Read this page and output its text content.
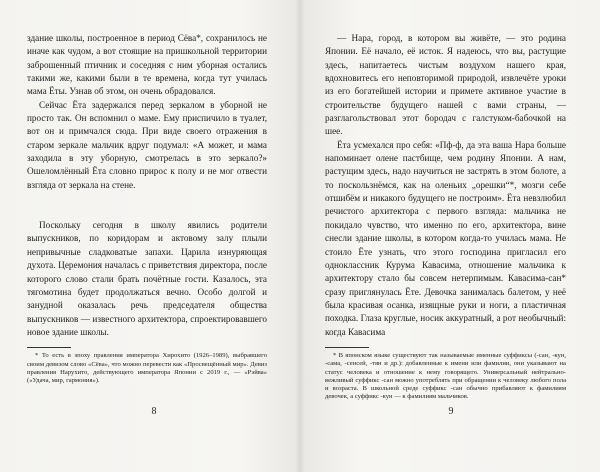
здание школы, построенное в период Сёва*, сохранилось не иначе как чудом, а вот стоящие на пришкольной территории заброшенный птичник и соседняя с ним уборная остались такими же, какими были в те времена, когда тут училась мама Ёты. Узнав об этом, он очень обрадовался.

Сейчас Ёта задержался перед зеркалом в уборной не просто так. Он вспомнил о маме. Ему приспичило в туалет, вот он и примчался сюда. При виде своего отражения в старом зеркале мальчик вдруг подумал: «А может, и мама заходила в эту уборную, смотрелась в это зеркало?» Ошеломлённый Ёта словно прирос к полу и не мог отвести взгляда от зеркала на стене.

Поскольку сегодня в школу явились родители выпускников, по коридорам и актовому залу плыли непривычные сладковатые запахи. Царила изнуряющая духота. Церемония началась с приветствия директора, после которого слово стали брать почётные гости. Казалось, эта тягомотина будет продолжаться вечно. Особо долгой и занудной оказалась речь председателя общества выпускников — известного архитектора, спроектировавшего новое здание школы.

* То есть в эпоху правления императора Хирохито (1926–1989), выбравшего своим девизом слово «Сёва», что можно перевести как «Просвещённый мир». Девиз правления Нарухито, действующего императора Японии с 2019 г., — «Рэйва» («Удача, мир, гармония»).

8

— Нара, город, в котором вы живёте, — это родина Японии. Её начало, её исток. Я надеюсь, что вы, растущие здесь, напитаетесь чистым воздухом нашего края, вдохновитесь его неповторимой природой, извлечёте уроки из его богатейшей истории и примете активное участие в строительстве будущего нашей с вами страны, — разглагольствовал этот бородач с галстуком-бабочкой на шее.

Ёта усмехался про себя: «Пф-ф, да эта ваша Нара больше напоминает олене пастбище, чем родину Японии. А нам, растущим здесь, надо научиться не застрять в этом болоте, а то поскользнёмся, как на оленьих „орешки“*, мозги себе отшибём и никакого будущего не построим». Ёта невзлюбил речистого архитектора с первого взгляда: мальчика не покидало чувство, что именно по его, архитектора, вине снесли здание школы, в котором когда-то училась мама. Не стоило Ёте узнать, что этого господина пригласил его одноклассник Курума Кавасима, отношение мальчика к архитектору стало бы совсем нетерпимым. Кавасима-сан* сразу приглянулась Ёте. Девочка занималась балетом, у неё была красивая осанка, изящные руки и ноги, а пластичная походка. Глаза круглые, носик аккуратный, а рот необычный: когда Кавасима

* В японском языке существуют так называемые именные суффиксы (-сан, -кун, -сама, -сенсей, -тян и др.): добавленные к имени или фамилии, они указывают на статус человека и отношение к нему говорящего. Универсальный нейтрально-вежливый суффикс -сан можно употреблять при обращении к человеку любого пола и возраста. В школьной среде суффикс -сан обычно прибавляют к фамилиям девочек, а суффикс -кун — к фамилиям мальчиков.

9
